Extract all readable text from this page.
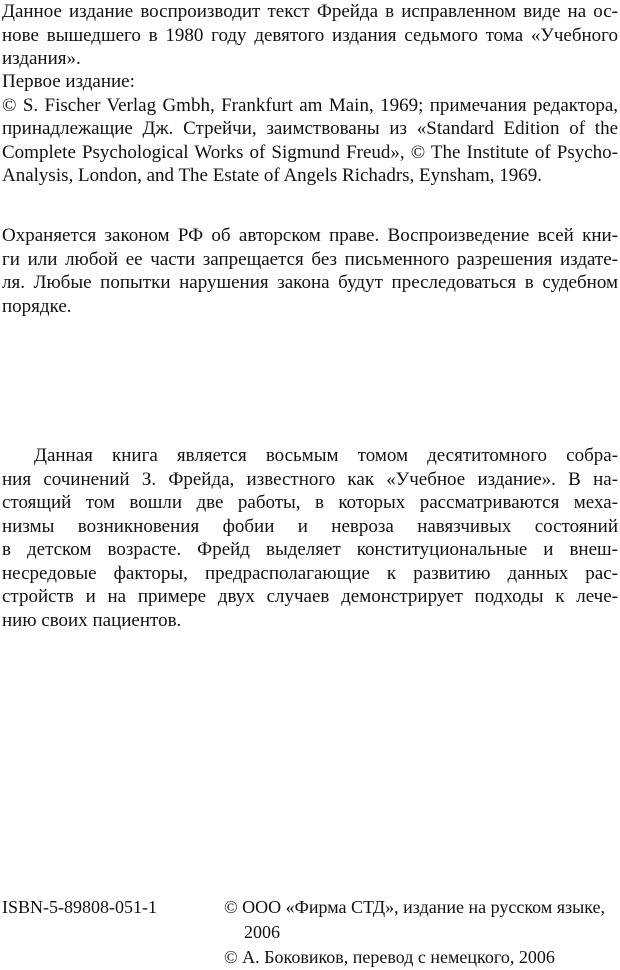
Данное издание воспроизводит текст Фрейда в исправленном виде на ос-
нове вышедшего в 1980 году девятого издания седьмого тома «Учебного
издания».

Первое издание:
© S. Fischer Verlag Gmbh, Frankfurt am Main, 1969; примечания редактора,
принадлежащие Дж. Стрейчи, заимствованы из «Standard Edition of the
Complete Psychological Works of Sigmund Freud», © The Institute of Psycho-
Analysis, London, and The Estate of Angels Richadrs, Eynsham, 1969.

Охраняется законом РФ об авторском праве. Воспроизведение всей кни-
ги или любой ее части запрещается без письменного разрешения издате-
ля. Любые попытки нарушения закона будут преследоваться в судебном
порядке.

Данная книга является восьмым томом десятитомного собра-
ния сочинений З. Фрейда, известного как «Учебное издание». В на-
стоящий том вошли две работы, в которых рассматриваются меха-
низмы возникновения фобии и невроза навязчивых состояний
в детском возрасте. Фрейд выделяет конституциональные и внеш-
несредовые факторы, предрасполагающие к развитию данных рас-
стройств и на примере двух случаев демонстрирует подходы к лече-
нию своих пациентов.

ISBN-5-89808-051-1	© ООО «Фирма СТД», издание на русском языке,
2006
© А. Боковиков, перевод с немецкого, 2006
